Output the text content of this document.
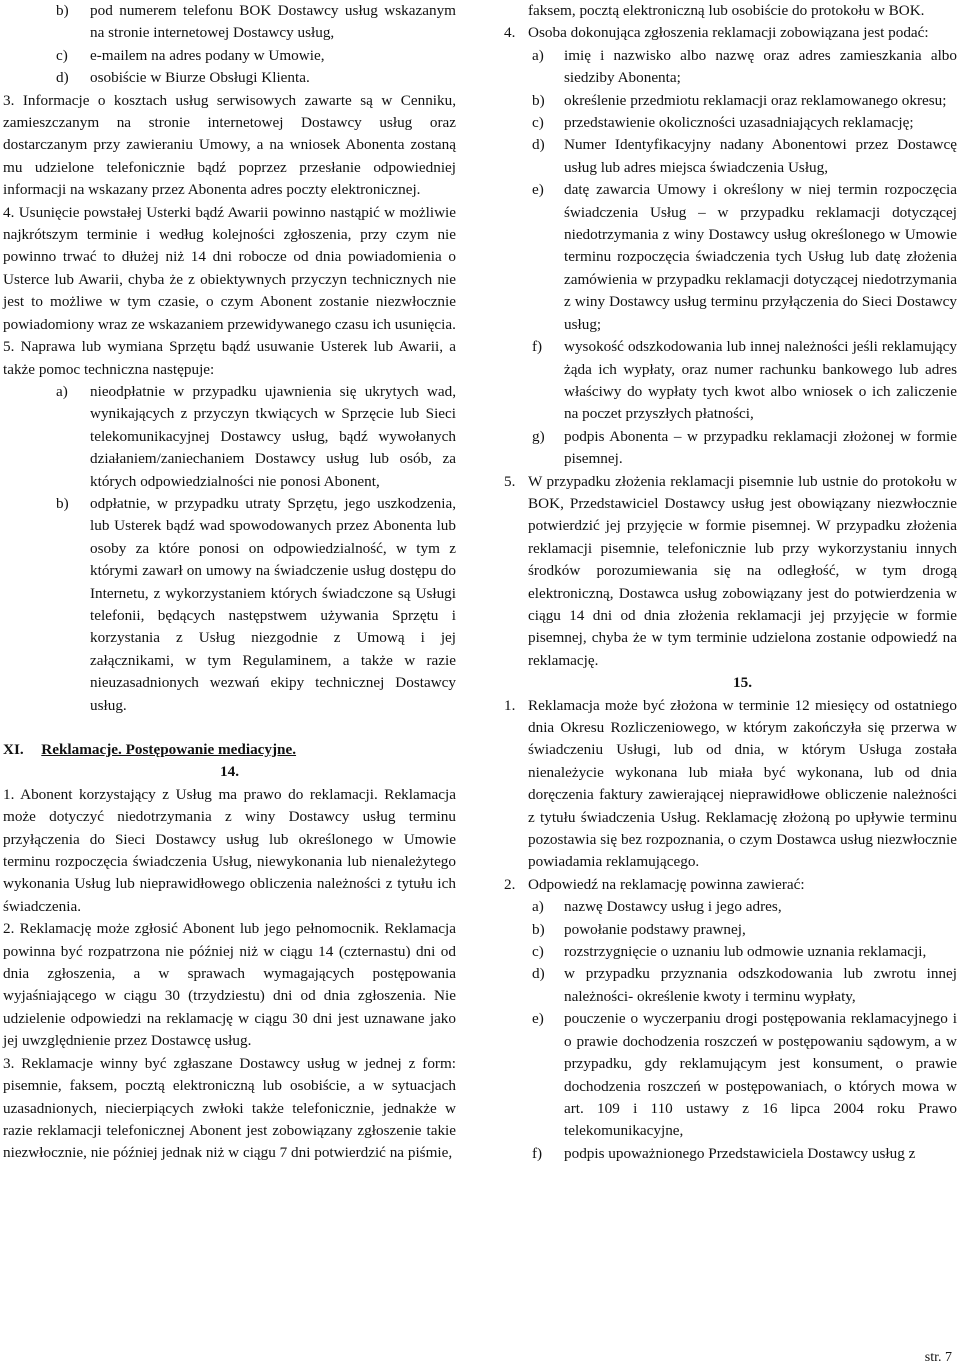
b) pod numerem telefonu BOK Dostawcy usług wskazanym na stronie internetowej Dostawcy usług,

c) e-mailem na adres podany w Umowie,

d) osobiście w Biurze Obsługi Klienta.

3. Informacje o kosztach usług serwisowych zawarte są w Cenniku, zamieszczanym na stronie internetowej Dostawcy usług oraz dostarczanym przy zawieraniu Umowy, a na wniosek Abonenta zostaną mu udzielone telefonicznie bądź poprzez przesłanie odpowiedniej informacji na wskazany przez Abonenta adres poczty elektronicznej.

4. Usunięcie powstałej Usterki bądź Awarii powinno nastąpić w możliwie najkrótszym terminie i według kolejności zgłoszenia, przy czym nie powinno trwać to dłużej niż 14 dni robocze od dnia powiadomienia o Usterce lub Awarii, chyba że z obiektywnych przyczyn technicznych nie jest to możliwe w tym czasie, o czym Abonent zostanie niezwłocznie powiadomiony wraz ze wskazaniem przewidywanego czasu ich usunięcia.

5. Naprawa lub wymiana Sprzętu bądź usuwanie Usterek lub Awarii, a także pomoc techniczna następuje:

a) nieodpłatnie w przypadku ujawnienia się ukrytych wad, wynikających z przyczyn tkwiących w Sprzęcie lub Sieci telekomunikacyjnej Dostawcy usług, bądź wywołanych działaniem/zaniechaniem Dostawcy usług lub osób, za których odpowiedzialności nie ponosi Abonent,

b) odpłatnie, w przypadku utraty Sprzętu, jego uszkodzenia, lub Usterek bądź wad spowodowanych przez Abonenta lub osoby za które ponosi on odpowiedzialność, w tym z którymi zawarł on umowy na świadczenie usług dostępu do Internetu, z wykorzystaniem których świadczone są Usługi telefonii, będących następstwem używania Sprzętu i korzystania z Usług niezgodnie z Umową i jej załącznikami, w tym Regulaminem, a także w razie nieuzasadnionych wezwań ekipy technicznej Dostawcy usług.

XI. Reklamacje. Postępowanie mediacyjne.
14.

1. Abonent korzystający z Usług ma prawo do reklamacji. Reklamacja może dotyczyć niedotrzymania z winy Dostawcy usług terminu przyłączenia do Sieci Dostawcy usług lub określonego w Umowie terminu rozpoczęcia świadczenia Usług, niewykonania lub nienależytego wykonania Usług lub nieprawidłowego obliczenia należności z tytułu ich świadczenia.

2. Reklamację może zgłosić Abonent lub jego pełnomocnik. Reklamacja powinna być rozpatrzona nie później niż w ciągu 14 (czternastu) dni od dnia zgłoszenia, a w sprawach wymagających postępowania wyjaśniającego w ciągu 30 (trzydziestu) dni od dnia zgłoszenia. Nie udzielenie odpowiedzi na reklamację w ciągu 30 dni jest uznawane jako jej uwzględnienie przez Dostawcę usług.

3. Reklamacje winny być zgłaszane Dostawcy usług w jednej z form: pisemnie, faksem, pocztą elektroniczną lub osobiście, a w sytuacjach uzasadnionych, niecierpiących zwłoki także telefonicznie, jednakże w razie reklamacji telefonicznej Abonent jest zobowiązany zgłoszenie takie niezwłocznie, nie później jednak niż w ciągu 7 dni potwierdzić na piśmie,

faksem, pocztą elektroniczną lub osobiście do protokołu w BOK.

4. Osoba dokonująca zgłoszenia reklamacji zobowiązana jest podać:

a) imię i nazwisko albo nazwę oraz adres zamieszkania albo siedziby Abonenta;

b) określenie przedmiotu reklamacji oraz reklamowanego okresu;

c) przedstawienie okoliczności uzasadniających reklamację;

d) Numer Identyfikacyjny nadany Abonentowi przez Dostawcę usług lub adres miejsca świadczenia Usług,

e) datę zawarcia Umowy i określony w niej termin rozpoczęcia świadczenia Usług – w przypadku reklamacji dotyczącej niedotrzymania z winy Dostawcy usług określonego w Umowie terminu rozpoczęcia świadczenia tych Usług lub datę złożenia zamówienia w przypadku reklamacji dotyczącej niedotrzymania z winy Dostawcy usług terminu przyłączenia do Sieci Dostawcy usług;

f) wysokość odszkodowania lub innej należności jeśli reklamujący żąda ich wypłaty, oraz numer rachunku bankowego lub adres właściwy do wypłaty tych kwot albo wniosek o ich zaliczenie na poczet przyszłych płatności,

g) podpis Abonenta – w przypadku reklamacji złożonej w formie pisemnej.

5. W przypadku złożenia reklamacji pisemnie lub ustnie do protokołu w BOK, Przedstawiciel Dostawcy usług jest obowiązany niezwłocznie potwierdzić jej przyjęcie w formie pisemnej. W przypadku złożenia reklamacji pisemnie, telefonicznie lub przy wykorzystaniu innych środków porozumiewania się na odległość, w tym drogą elektroniczną, Dostawca usług zobowiązany jest do potwierdzenia w ciągu 14 dni od dnia złożenia reklamacji jej przyjęcie w formie pisemnej, chyba że w tym terminie udzielona zostanie odpowiedź na reklamację.

15.
1. Reklamacja może być złożona w terminie 12 miesięcy od ostatniego dnia Okresu Rozliczeniowego, w którym zakończyła się przerwa w świadczeniu Usługi, lub od dnia, w którym Usługa została nienależycie wykonana lub miała być wykonana, lub od dnia doręczenia faktury zawierającej nieprawidłowe obliczenie należności z tytułu świadczenia Usług. Reklamację złożoną po upływie terminu pozostawia się bez rozpoznania, o czym Dostawca usług niezwłocznie powiadamia reklamującego.

2. Odpowiedź na reklamację powinna zawierać:

a) nazwę Dostawcy usług i jego adres,

b) powołanie podstawy prawnej,

c) rozstrzygnięcie o uznaniu lub odmowie uznania reklamacji,

d) w przypadku przyznania odszkodowania lub zwrotu innej należności- określenie kwoty i terminu wypłaty,

e) pouczenie o wyczerpaniu drogi postępowania reklamacyjnego i o prawie dochodzenia roszczeń w postępowaniu sądowym, a w przypadku, gdy reklamującym jest konsument, o prawie dochodzenia roszczeń w postępowaniach, o których mowa w art. 109 i 110 ustawy z 16 lipca 2004 roku Prawo telekomunikacyjne,

f) podpis upoważnionego Przedstawiciela Dostawcy usług z

str. 7
